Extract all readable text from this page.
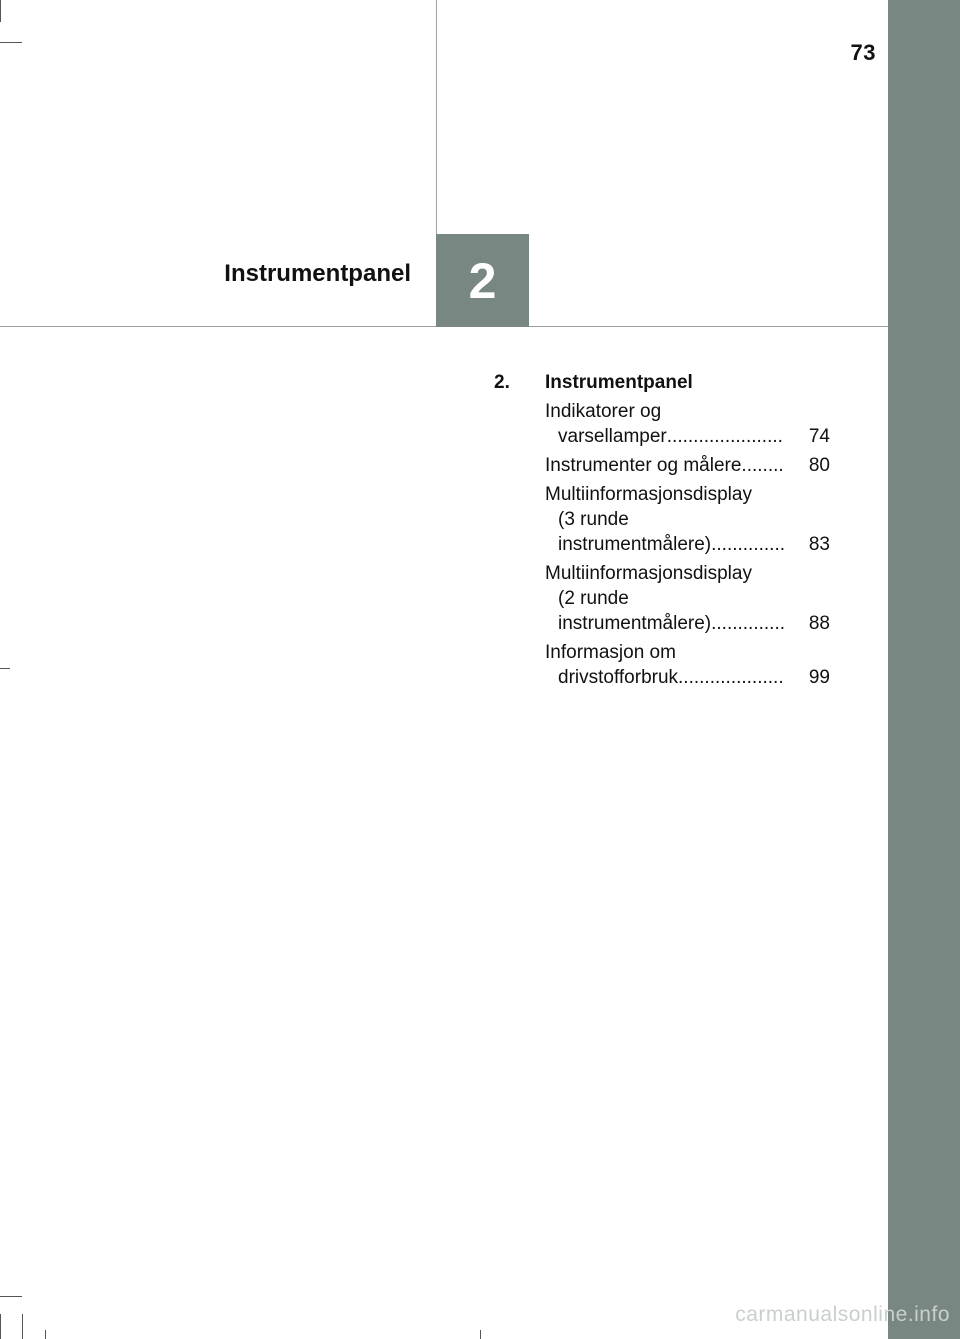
73
Instrumentpanel 2
2.	Instrumentpanel
Indikatorer og
varsellamper ......................	74
Instrumenter og målere ........	80
Multiinformasjonsdisplay
(3 runde
instrumentmålere) ..............	83
Multiinformasjonsdisplay
(2 runde
instrumentmålere) ..............	88
Informasjon om
drivstofforbruk ....................	99
carmanualsonline.info
